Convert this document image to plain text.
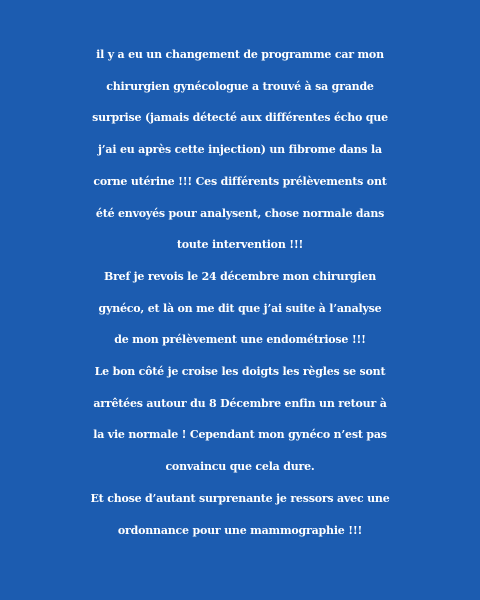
il y a eu un changement de programme car mon
chirurgien gynécologue a trouvé à sa grande
surprise (jamais détecté aux différentes écho que
j’ai eu après cette injection) un fibrome dans la
corne utérine !!! Ces différents prélèvements ont
été envoyés pour analysent, chose normale dans
toute intervention !!!
Bref je revois le 24 décembre mon chirurgien
gynéco, et là on me dit que j’ai suite à l’analyse
de mon prélèvement une endométriose !!!
Le bon côté je croise les doigts les règles se sont
arrêtées autour du 8 Décembre enfin un retour à
la vie normale ! Cependant mon gynéco n’est pas
convaincu que cela dure.
Et chose d’autant surprenante je ressors avec une
ordonnance pour une mammographie !!!
